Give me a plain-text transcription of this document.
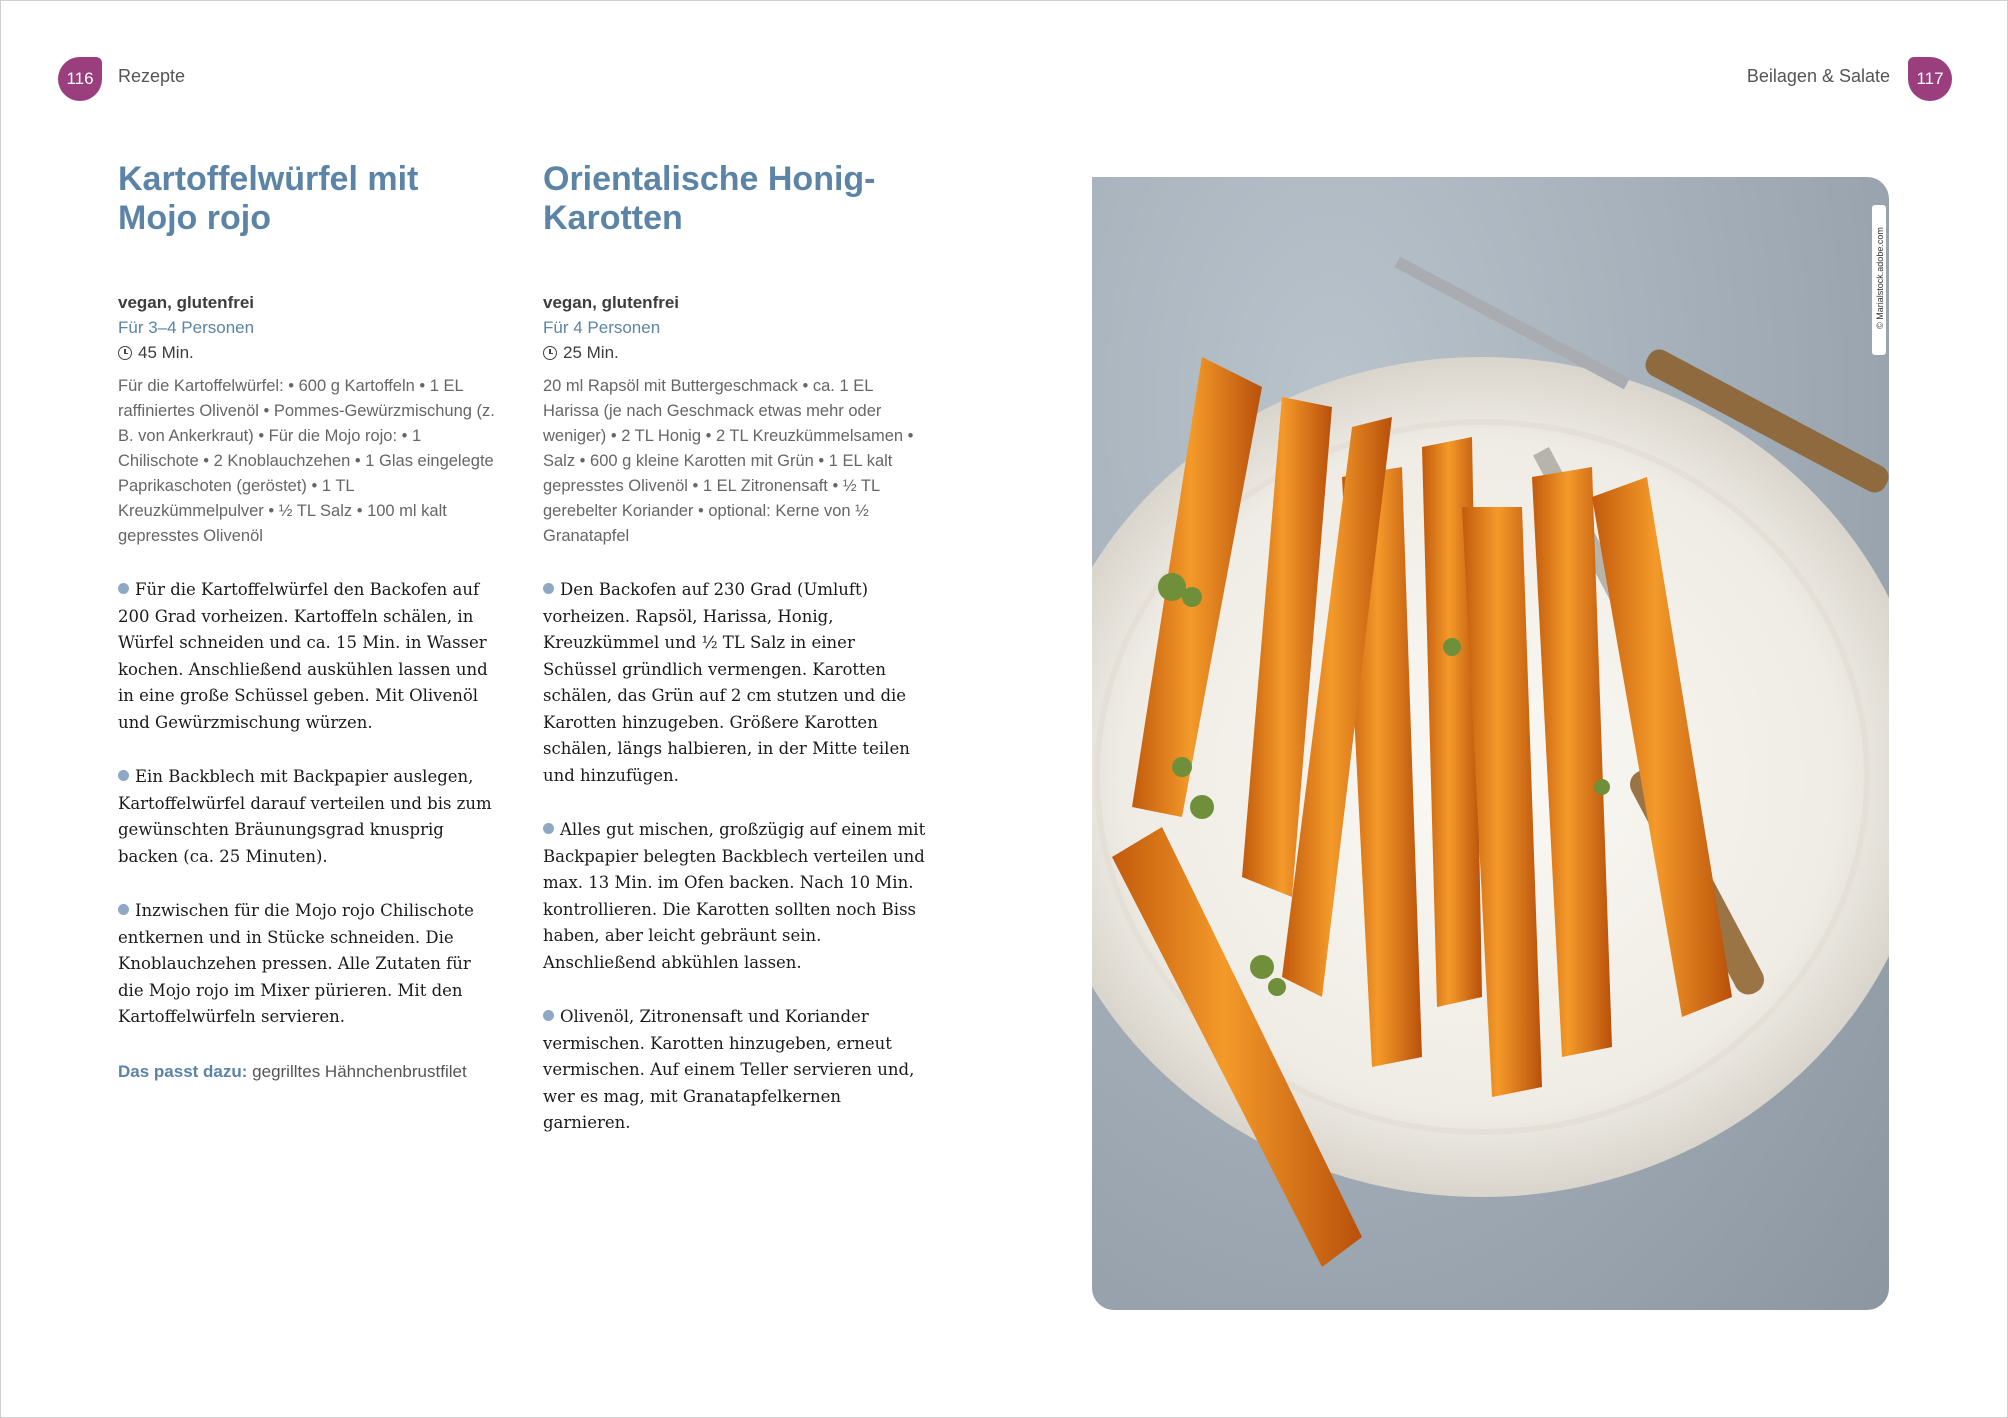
116	Rezepte	Beilagen & Salate	117
Kartoffelwürfel mit Mojo rojo
vegan, glutenfrei
Für 3–4 Personen
45 Min.
Für die Kartoffelwürfel: • 600 g Kartoffeln • 1 EL raffiniertes Olivenöl • Pommes-Gewürzmischung (z. B. von Ankerkraut) • Für die Mojo rojo: • 1 Chilischote • 2 Knoblauchzehen • 1 Glas eingelegte Paprikaschoten (geröstet) • 1 TL Kreuzkümmelpulver • ½ TL Salz • 100 ml kalt gepresstes Olivenöl
Für die Kartoffelwürfel den Backofen auf 200 Grad vorheizen. Kartoffeln schälen, in Würfel schneiden und ca. 15 Min. in Wasser kochen. Anschließend auskühlen lassen und in eine große Schüssel geben. Mit Olivenöl und Gewürzmischung würzen.
Ein Backblech mit Backpapier auslegen, Kartoffelwürfel darauf verteilen und bis zum gewünschten Bräunungsgrad knusprig backen (ca. 25 Minuten).
Inzwischen für die Mojo rojo Chilischote entkernen und in Stücke schneiden. Die Knoblauchzehen pressen. Alle Zutaten für die Mojo rojo im Mixer pürieren. Mit den Kartoffelwürfeln servieren.
Das passt dazu: gegrilltes Hähnchenbrustfilet
Orientalische Honig-Karotten
vegan, glutenfrei
Für 4 Personen
25 Min.
20 ml Rapsöl mit Buttergeschmack • ca. 1 EL Harissa (je nach Geschmack etwas mehr oder weniger) • 2 TL Honig • 2 TL Kreuzkümmelsamen • Salz • 600 g kleine Karotten mit Grün • 1 EL kalt gepresstes Olivenöl • 1 EL Zitronensaft • ½ TL gerebelter Koriander • optional: Kerne von ½ Granatapfel
Den Backofen auf 230 Grad (Umluft) vorheizen. Rapsöl, Harissa, Honig, Kreuzkümmel und ½ TL Salz in einer Schüssel gründlich vermengen. Karotten schälen, das Grün auf 2 cm stutzen und die Karotten hinzugeben. Größere Karotten schälen, längs halbieren, in der Mitte teilen und hinzufügen.
Alles gut mischen, großzügig auf einem mit Backpapier belegten Backblech verteilen und max. 13 Min. im Ofen backen. Nach 10 Min. kontrollieren. Die Karotten sollten noch Biss haben, aber leicht gebräunt sein. Anschließend abkühlen lassen.
Olivenöl, Zitronensaft und Koriander vermischen. Karotten hinzugeben, erneut vermischen. Auf einem Teller servieren und, wer es mag, mit Granatapfelkernen garnieren.
© Marialstock.adobe.com
